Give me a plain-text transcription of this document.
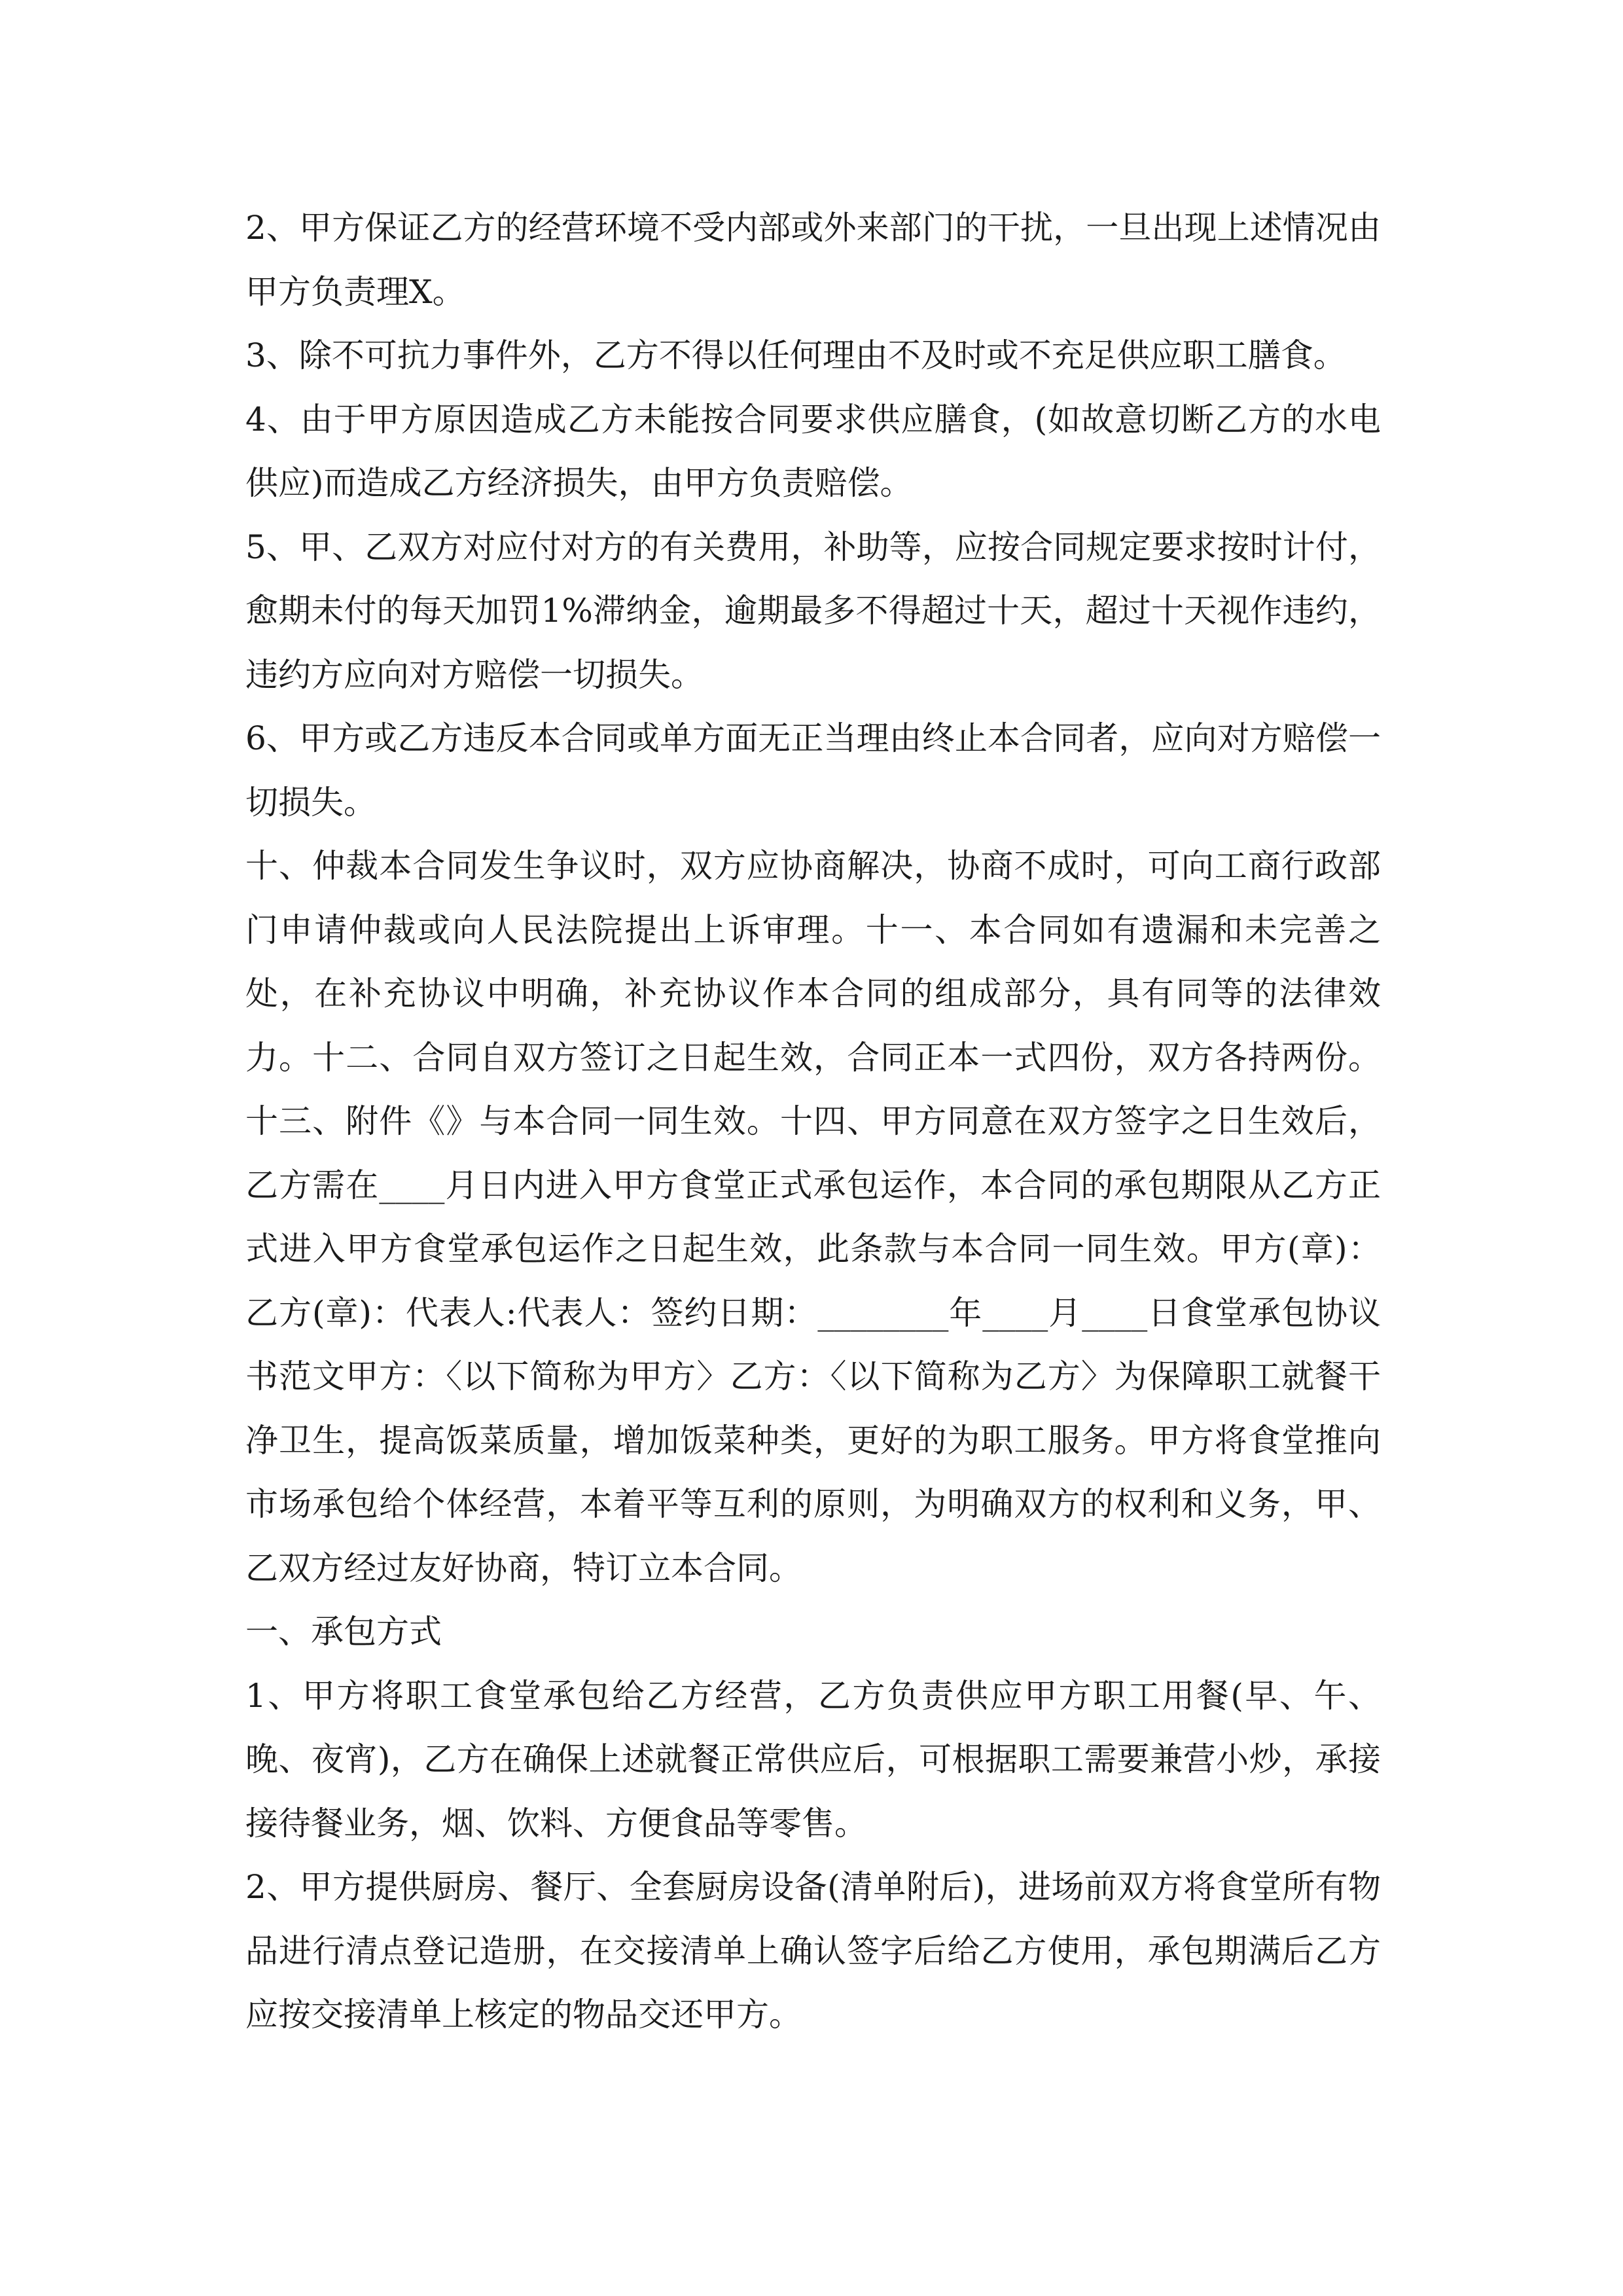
2、甲方保证乙方的经营环境不受内部或外来部门的干扰，一旦出现上述情况由甲方负责理X。

3、除不可抗力事件外，乙方不得以任何理由不及时或不充足供应职工膳食。

4、由于甲方原因造成乙方未能按合同要求供应膳食，(如故意切断乙方的水电供应)而造成乙方经济损失，由甲方负责赔偿。

5、甲、乙双方对应付对方的有关费用，补助等，应按合同规定要求按时计付，愈期未付的每天加罚1%滞纳金，逾期最多不得超过十天，超过十天视作违约，违约方应向对方赔偿一切损失。

6、甲方或乙方违反本合同或单方面无正当理由终止本合同者，应向对方赔偿一切损失。

十、仲裁本合同发生争议时，双方应协商解决，协商不成时，可向工商行政部门申请仲裁或向人民法院提出上诉审理。十一、本合同如有遗漏和未完善之处，在补充协议中明确，补充协议作本合同的组成部分，具有同等的法律效力。十二、合同自双方签订之日起生效，合同正本一式四份，双方各持两份。十三、附件《》与本合同一同生效。十四、甲方同意在双方签字之日生效后，乙方需在____月日内进入甲方食堂正式承包运作，本合同的承包期限从乙方正式进入甲方食堂承包运作之日起生效，此条款与本合同一同生效。甲方(章)：乙方(章)：代表人:代表人：签约日期：________年____月____日食堂承包协议书范文甲方：〈以下简称为甲方〉乙方：〈以下简称为乙方〉为保障职工就餐干净卫生，提高饭菜质量，增加饭菜种类，更好的为职工服务。甲方将食堂推向市场承包给个体经营，本着平等互利的原则，为明确双方的权利和义务，甲、乙双方经过友好协商，特订立本合同。

一、承包方式

1、甲方将职工食堂承包给乙方经营，乙方负责供应甲方职工用餐(早、午、晚、夜宵)，乙方在确保上述就餐正常供应后，可根据职工需要兼营小炒，承接接待餐业务，烟、饮料、方便食品等零售。

2、甲方提供厨房、餐厅、全套厨房设备(清单附后)，进场前双方将食堂所有物品进行清点登记造册，在交接清单上确认签字后给乙方使用，承包期满后乙方应按交接清单上核定的物品交还甲方。
